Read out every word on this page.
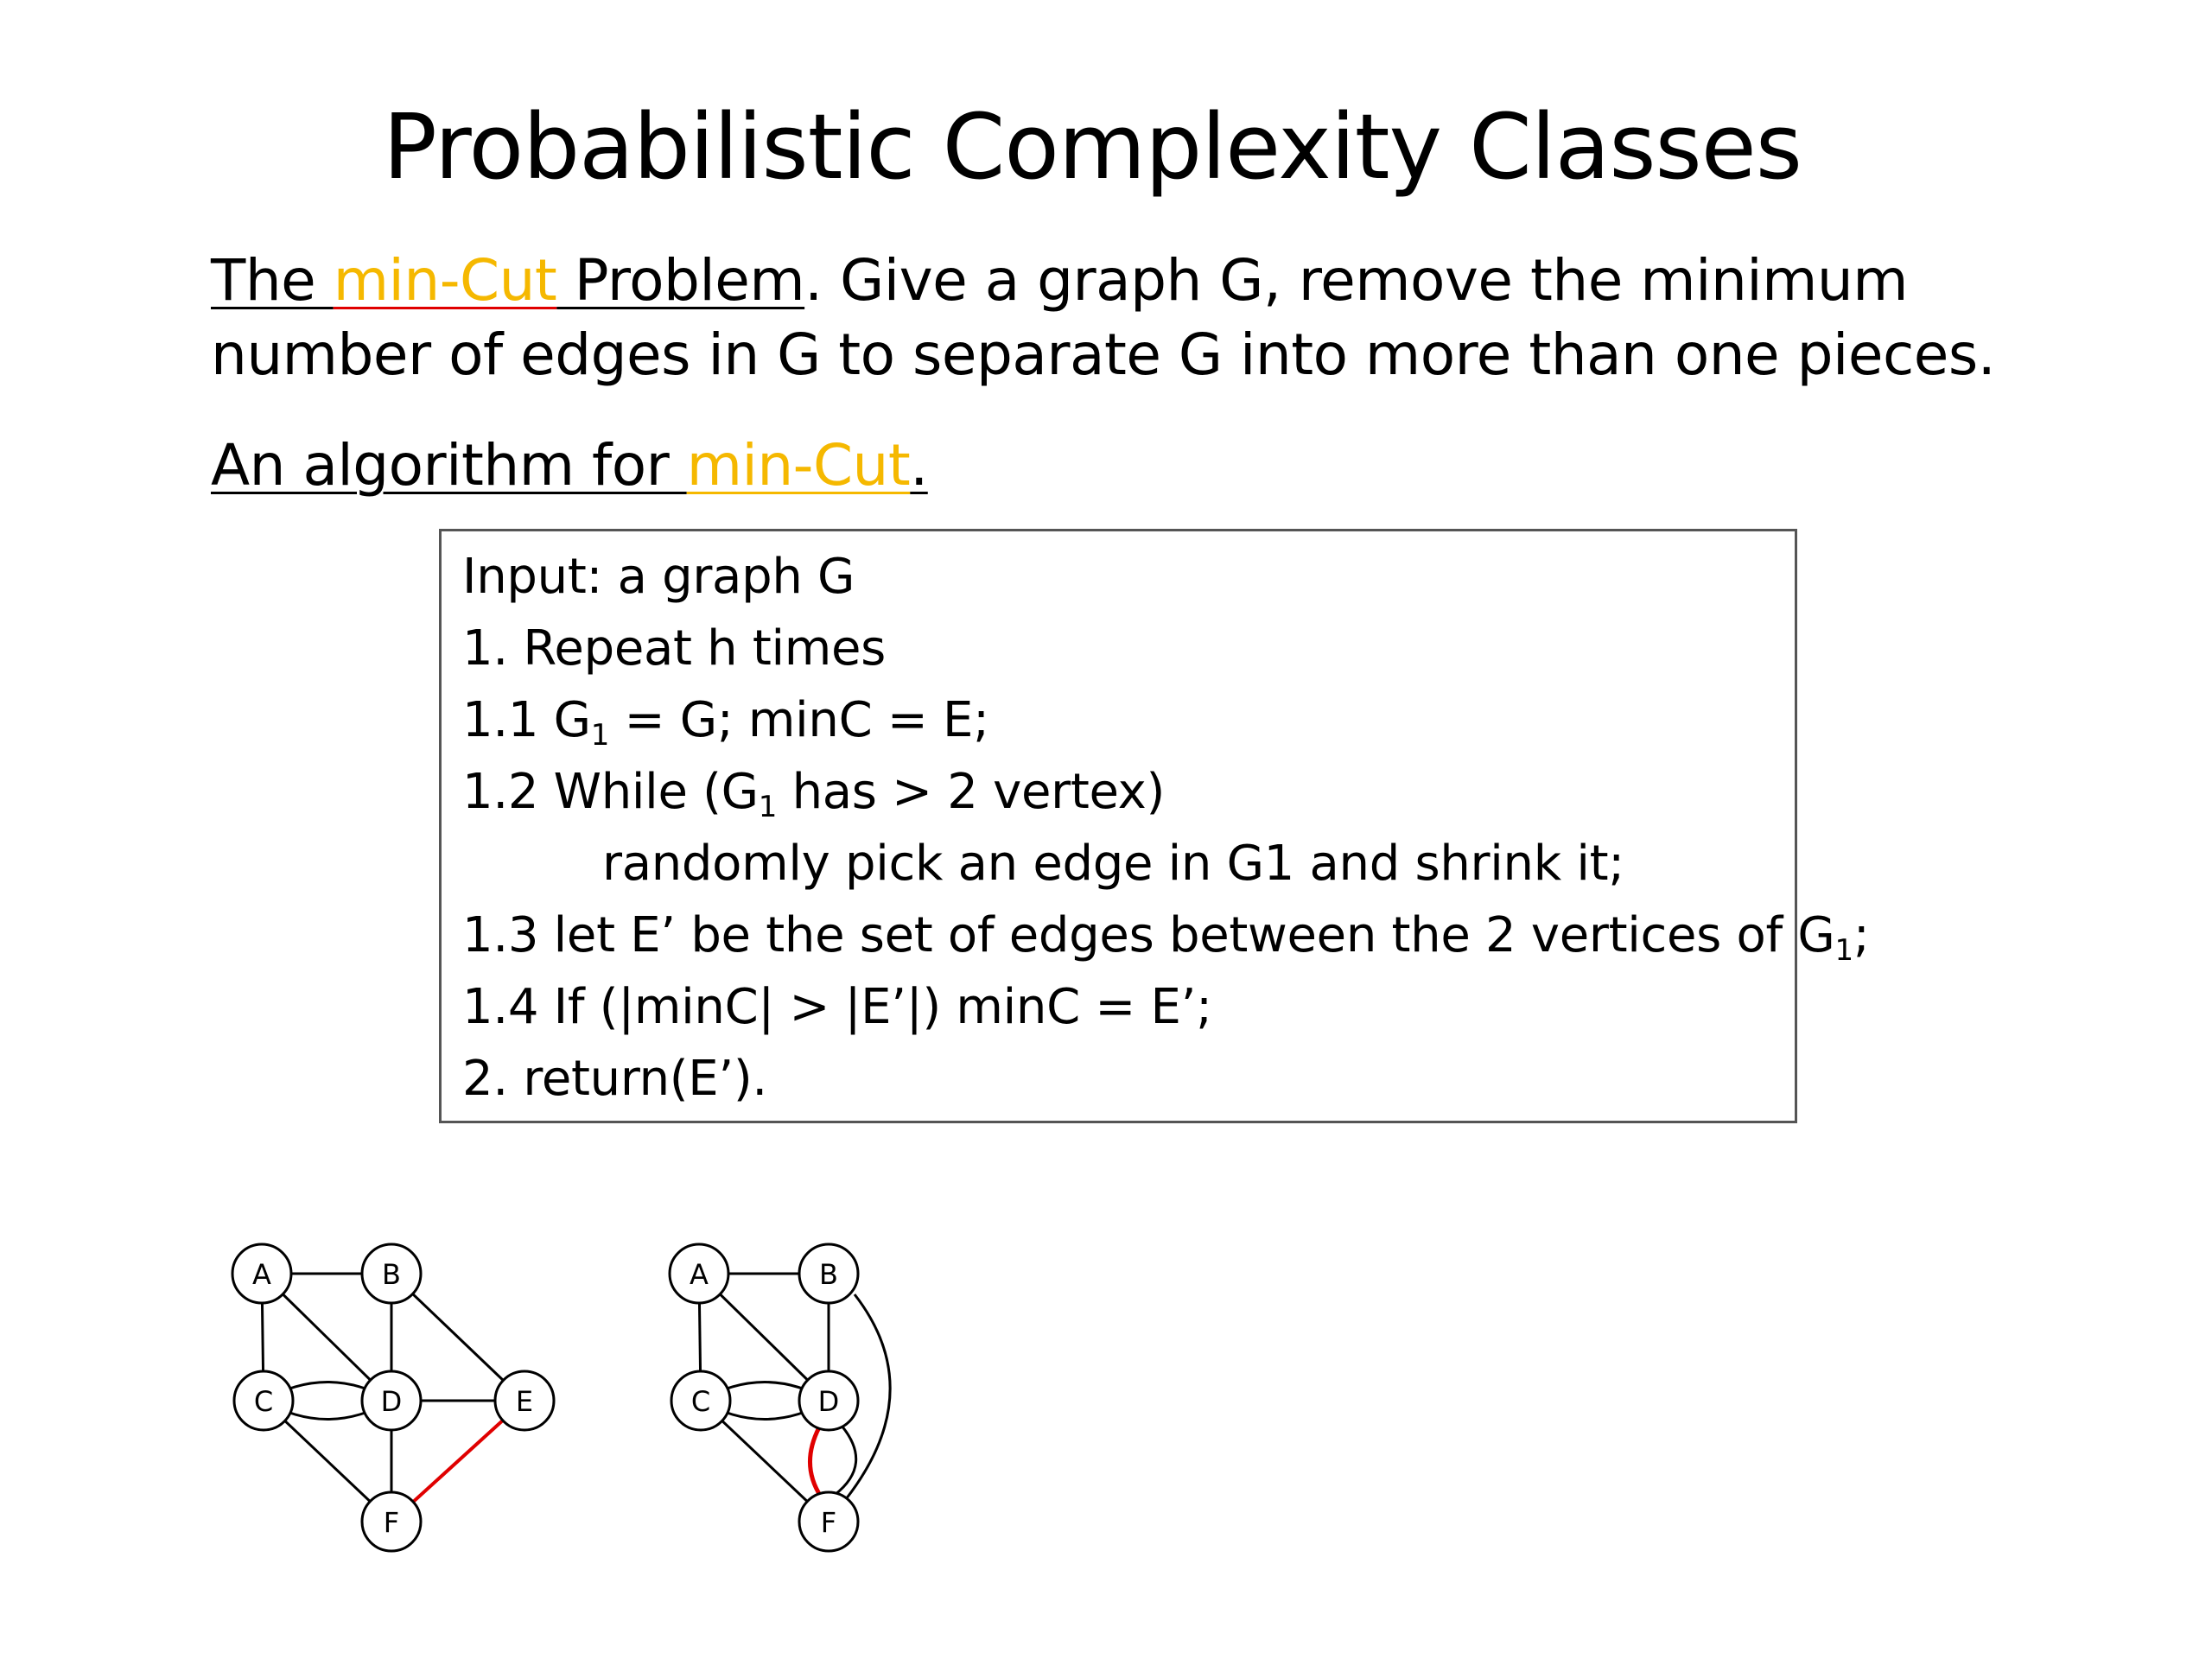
Probabilistic Complexity Classes
The min-Cut Problem. Give a graph G, remove the minimum
number of edges in G to separate G into more than one pieces.
An algorithm for min-Cut.
Input: a graph G
1. Repeat h times
1.1 $G_1 = G$; minC = E;
1.2 While ($G_1$ has > 2 vertex)
randomly pick an edge in G1 and shrink it;
1.3 let E’ be the set of edges between the 2 vertices of $G_1$;
1.4 If (|minC| > |E’|) minC = E’;
2. return(E’).
A	B
C	D	E
F
A	B
C	D
F
